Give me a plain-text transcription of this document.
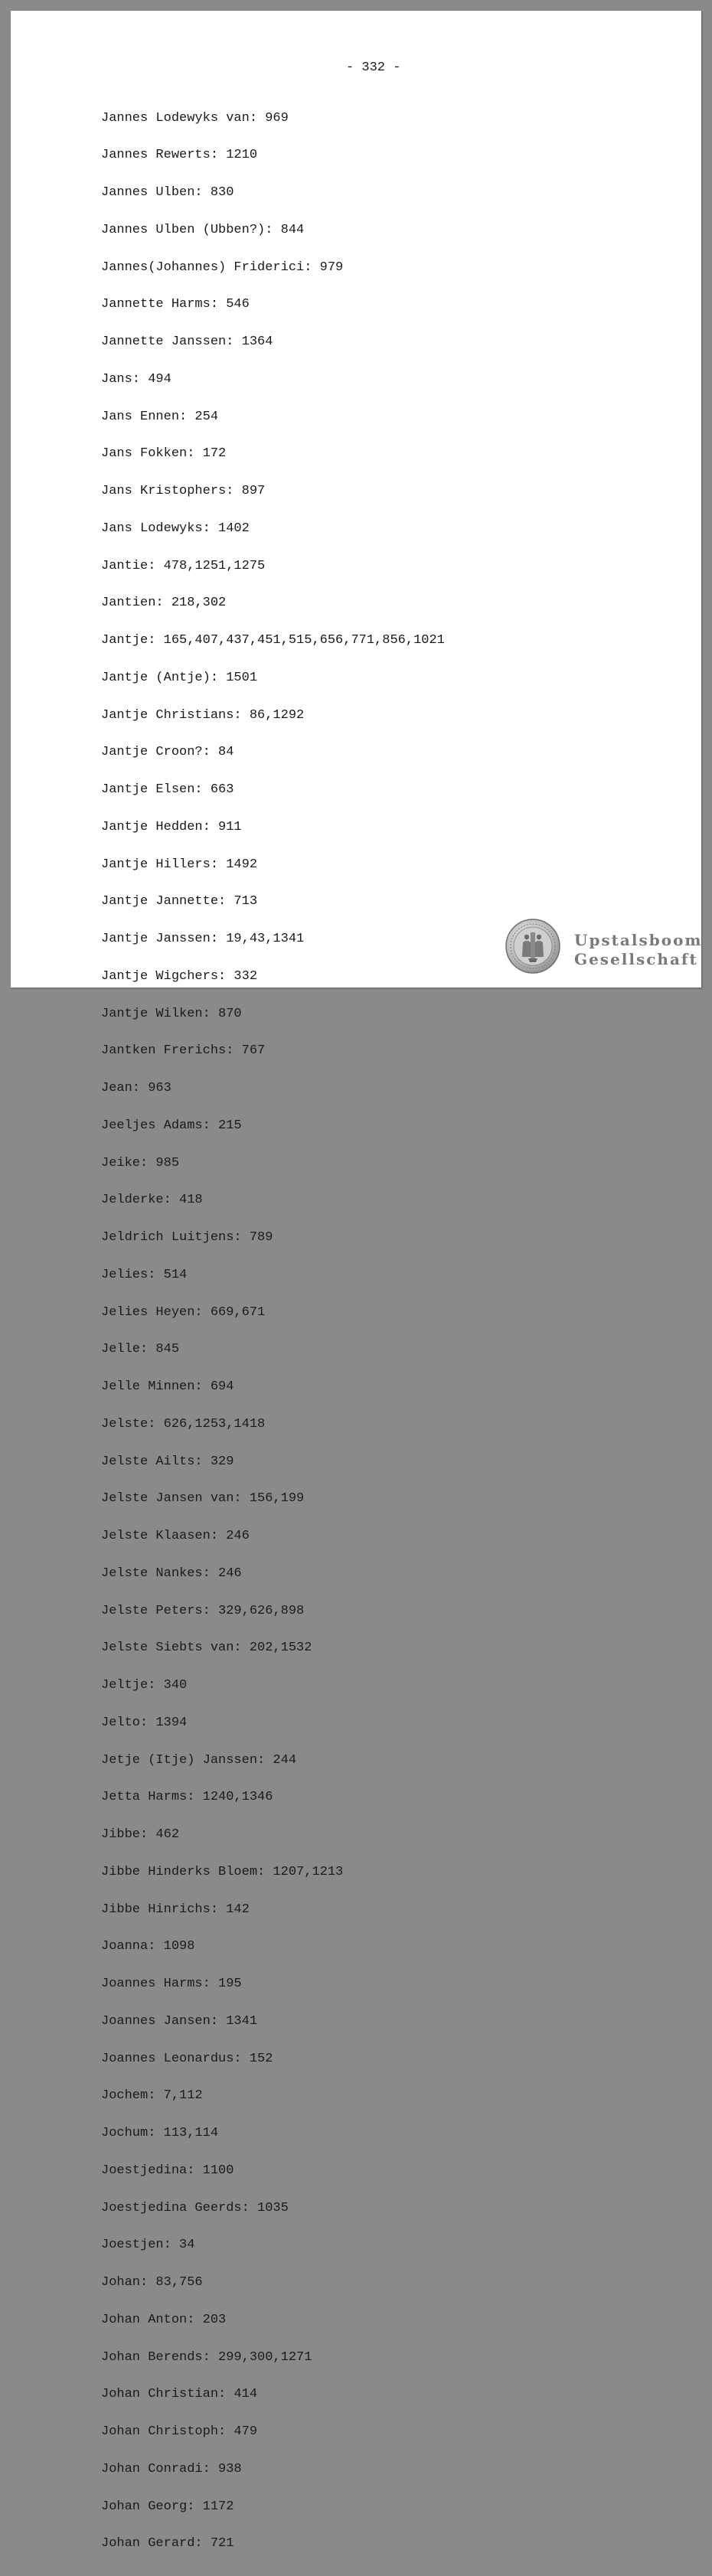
- 332 -

Jannes Lodewyks van: 969

Jannes Rewerts: 1210

Jannes Ulben: 830

Jannes Ulben (Ubben?): 844

Jannes(Johannes) Friderici: 979

Jannette Harms: 546

Jannette Janssen: 1364

Jans: 494

Jans Ennen: 254

Jans Fokken: 172

Jans Kristophers: 897

Jans Lodewyks: 1402

Jantie: 478,1251,1275

Jantien: 218,302

Jantje: 165,407,437,451,515,656,771,856,1021

Jantje (Antje): 1501

Jantje Christians: 86,1292

Jantje Croon?: 84

Jantje Elsen: 663

Jantje Hedden: 911

Jantje Hillers: 1492

Jantje Jannette: 713

Jantje Janssen: 19,43,1341

Jantje Wigchers: 332

Jantje Wilken: 870

Jantken Frerichs: 767

Jean: 963

Jeeljes Adams: 215

Jeike: 985

Jelderke: 418

Jeldrich Luitjens: 789

Jelies: 514

Jelies Heyen: 669,671

Jelle: 845

Jelle Minnen: 694

Jelste: 626,1253,1418

Jelste Ailts: 329

Jelste Jansen van: 156,199

Jelste Klaasen: 246

Jelste Nankes: 246

Jelste Peters: 329,626,898

Jelste Siebts van: 202,1532

Jeltje: 340

Jelto: 1394

Jetje (Itje) Janssen: 244

Jetta Harms: 1240,1346

Jibbe: 462

Jibbe Hinderks Bloem: 1207,1213

Jibbe Hinrichs: 142

Joanna: 1098

Joannes Harms: 195

Joannes Jansen: 1341

Joannes Leonardus: 152

Jochem: 7,112

Jochum: 113,114

Joestjedina: 1100

Joestjedina Geerds: 1035

Joestjen: 34

Johan: 83,756

Johan Anton: 203

Johan Berends: 299,300,1271

Johan Christian: 414

Johan Christoph: 479

Johan Conradi: 938

Johan Georg: 1172

Johan Gerard: 721

Upstalsboom
Gesellschaft
